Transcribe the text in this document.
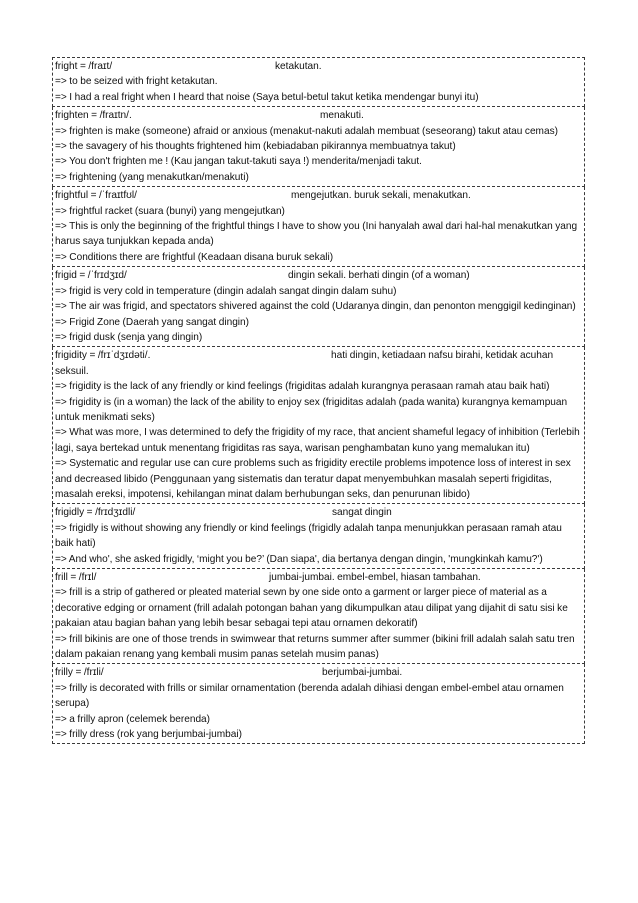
fright = /fraɪt/	ketakutan.
=> to be seized with fright ketakutan.
=> I had a real fright when I heard that noise (Saya betul-betul takut ketika mendengar bunyi itu)
frighten = /fraɪtn/.	menakuti.
=> frighten is make (someone) afraid or anxious (menakut-nakuti adalah membuat (seseorang) takut atau cemas)
=> the savagery of his thoughts frightened him (kebiadaban pikirannya membuatnya takut)
=> You don't frighten me ! (Kau jangan takut-takuti saya !) menderita/menjadi takut.
=> frightening (yang menakutkan/menakuti)
frightful = /ˈfraɪtfʊl/	mengejutkan. buruk sekali, menakutkan.
=> frightful racket (suara (bunyi) yang mengejutkan)
=> This is only the beginning of the frightful things I have to show you (Ini hanyalah awal dari hal-hal menakutkan yang harus saya tunjukkan kepada anda)
=> Conditions there are frightful (Keadaan disana buruk sekali)
frigid = /ˈfrɪdʒɪd/	dingin sekali. berhati dingin (of a woman)
=> frigid is very cold in temperature (dingin adalah sangat dingin dalam suhu)
=> The air was frigid, and spectators shivered against the cold (Udaranya dingin, dan penonton menggigil kedinginan)
=> Frigid Zone (Daerah yang sangat dingin)
=> frigid dusk (senja yang dingin)
frigidity = /frɪˈdʒɪdəti/.	hati dingin, ketiadaan nafsu birahi, ketidak acuhan
seksuil.
=> frigidity is the lack of any friendly or kind feelings (frigiditas adalah kurangnya perasaan ramah atau baik hati)
=> frigidity is (in a woman) the lack of the ability to enjoy sex (frigiditas adalah (pada wanita) kurangnya kemampuan untuk menikmati seks)
=> What was more, I was determined to defy the frigidity of my race, that ancient shameful legacy of inhibition (Terlebih lagi, saya bertekad untuk menentang frigiditas ras saya, warisan penghambatan kuno yang memalukan itu)
=> Systematic and regular use can cure problems such as frigidity erectile problems impotence loss of interest in sex and decreased libido (Penggunaan yang sistematis dan teratur dapat menyembuhkan masalah seperti frigiditas, masalah ereksi, impotensi, kehilangan minat dalam berhubungan seks, dan penurunan libido)
frigidly = /frɪdʒɪdli/	sangat dingin
=> frigidly is without showing any friendly or kind feelings (frigidly adalah tanpa menunjukkan perasaan ramah atau baik hati)
=> And who', she asked frigidly, ‘might you be?’ (Dan siapa', dia bertanya dengan dingin, 'mungkinkah kamu?')
frill = /frɪl/	jumbai-jumbai. embel-embel, hiasan tambahan.
=> frill is a strip of gathered or pleated material sewn by one side onto a garment or larger piece of material as a decorative edging or ornament (frill adalah potongan bahan yang dikumpulkan atau dilipat yang dijahit di satu sisi ke pakaian atau bagian bahan yang lebih besar sebagai tepi atau ornamen dekoratif)
=> frill bikinis are one of those trends in swimwear that returns summer after summer (bikini frill adalah salah satu tren dalam pakaian renang yang kembali musim panas setelah musim panas)
frilly = /frɪli/	berjumbai-jumbai.
=> frilly is decorated with frills or similar ornamentation (berenda adalah dihiasi dengan embel-embel atau ornamen serupa)
=> a frilly apron (celemek berenda)
=> frilly dress (rok yang berjumbai-jumbai)
